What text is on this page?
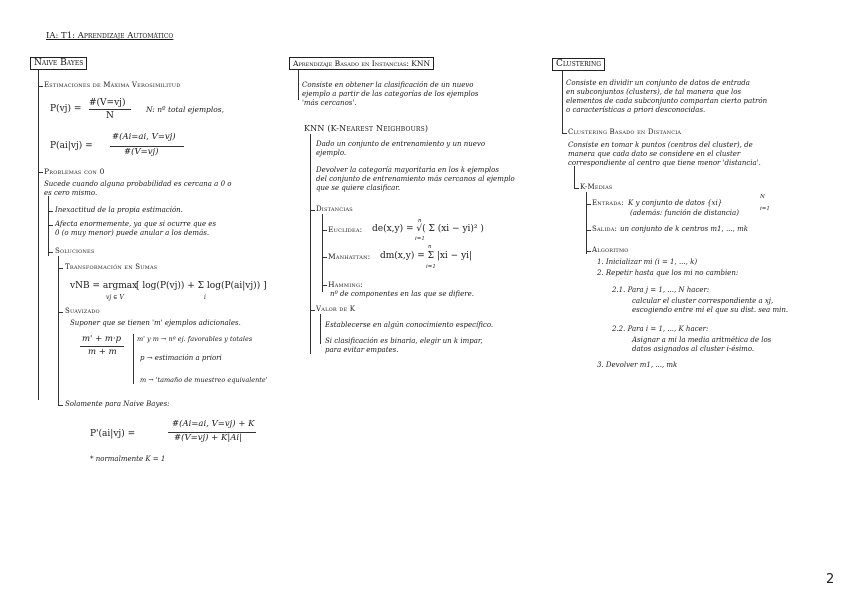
IA: T1: Aprendizaje Automático
Naive Bayes
Estimaciones de Máxima Verosimilitud
P(vj) =
#(V=vj)
N
N: nº total ejemplos,
P(ai|vj) =
#(Ai=ai, V=vj)
#(V=vj)
Problemas con 0
Sucede cuando alguna probabilidad es cercana a 0 o
es cero mismo.
Inexactitud de la propia estimación.
Afecta enormemente, ya que si ocurre que es
0 (o muy menor) puede anular a los demás.
Soluciones
Transformación en Sumas
vNB = argmax
vj ∈ V
[ log(P(vj)) + Σ log(P(ai|vj)) ]
i
Suavizado
Suponer que se tienen 'm' ejemplos adicionales.
m' + m·p
m + m
m' y m → nº ej. favorables y totales
p → estimación a priori
m → 'tamaño de muestreo equivalente'
Solamente para Naive Bayes:
P'(ai|vj) =
#(Ai=ai, V=vj) + K
#(V=vj) + K|Ai|
* normalmente K = 1
Aprendizaje Basado en Instancias: KNN
Consiste en obtener la clasificación de un nuevo
ejemplo a partir de las categorías de los ejemplos
'más cercanos'.
KNN (K-Nearest Neighbours)
Dado un conjunto de entrenamiento y un nuevo
ejemplo.
Devolver la categoría mayoritaria en los k ejemplos
del conjunto de entrenamiento más cercanos al ejemplo
que se quiere clasificar.
Distancias
Euclídea: de(x,y) = √( Σ (xi − yi)² )
n
i=1
Manhattan: dm(x,y) = Σ |xi − yi|
n
i=1
Hamming:
nº de componentes en las que se difiere.
Valor de K
Establecerse en algún conocimiento específico.
Si clasificación es binaria, elegir un k impar,
para evitar empates.
Clustering
Consiste en dividir un conjunto de datos de entrada
en subconjuntos (clusters), de tal manera que los
elementos de cada subconjunto compartan cierto patrón
o características a priori desconocidas.
Clustering Basado en Distancia
Consiste en tomar k puntos (centros del cluster), de
manera que cada dato se considere en el cluster
correspondiente al centro que tiene menor 'distancia'.
K-Medias
Entrada: K y conjunto de datos {xi}
N
i=1
(además: función de distancia)
Salida: un conjunto de k centros m1, ..., mk
Algoritmo
1. Inicializar mi (i = 1, ..., k)
2. Repetir hasta que los mi no cambien:
2.1. Para j = 1, ..., N hacer:
calcular el cluster correspondiente a xj,
escogiendo entre mi el que su dist. sea min.
2.2. Para i = 1, ..., K hacer:
Asignar a mi la media aritmética de los
datos asignados al cluster i-ésimo.
3. Devolver m1, ..., mk
2
